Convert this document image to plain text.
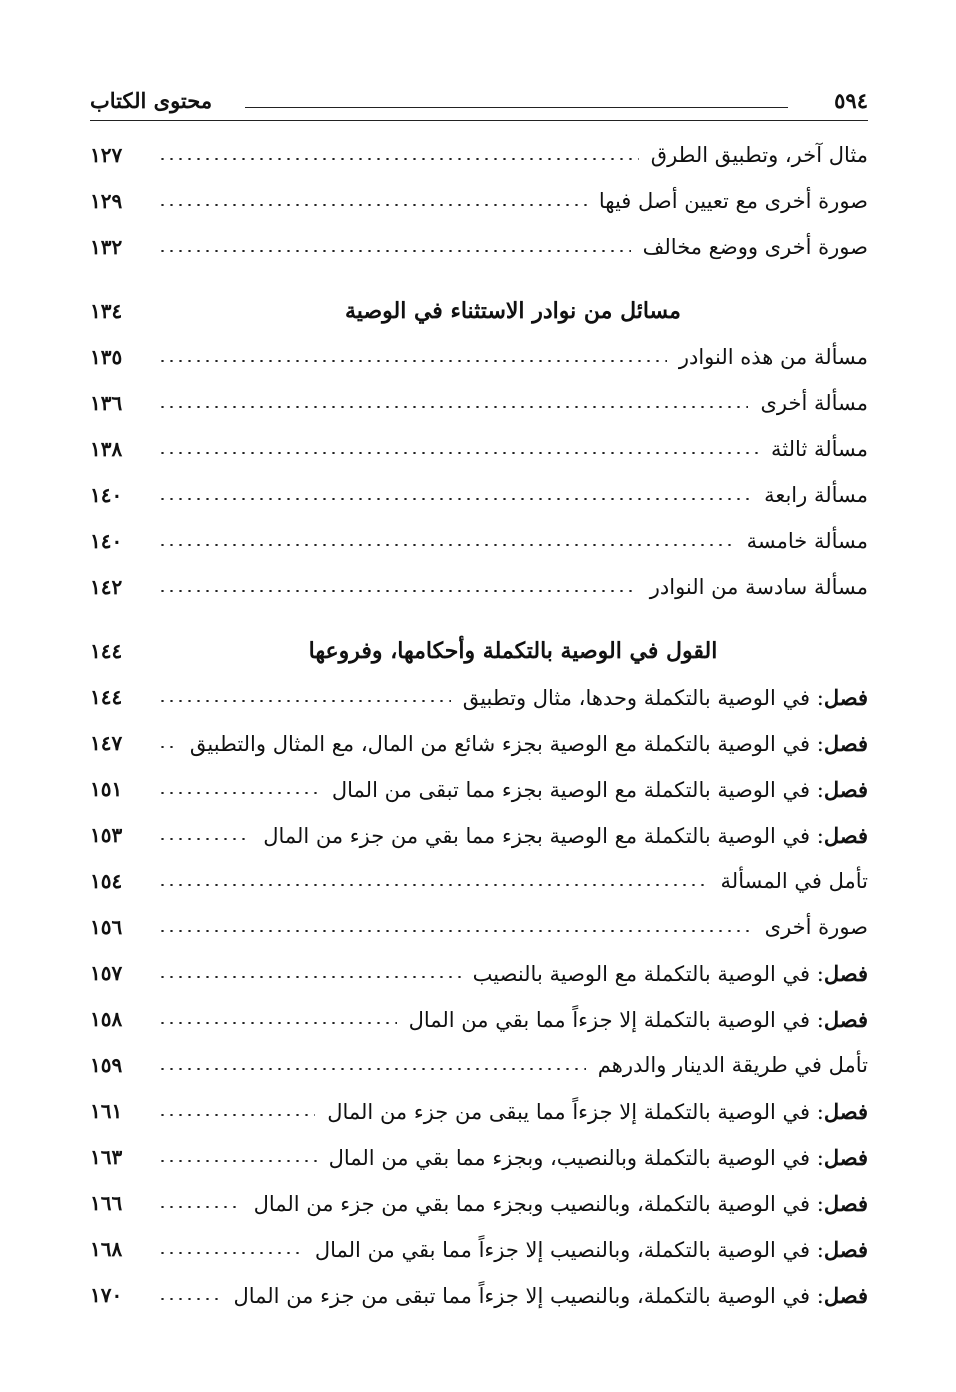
محتوى الكتاب	٥٩٤
مثال آخر، وتطبيق الطرق
١٢٧
صورة أخرى مع تعيين أصل فيها
١٢٩
صورة أخرى ووضع مخالف
١٣٢
مسائل من نوادر الاستثناء في الوصية
١٣٤
مسألة من هذه النوادر
١٣٥
مسألة أخرى
١٣٦
مسألة ثالثة
١٣٨
مسألة رابعة
١٤٠
مسألة خامسة
١٤٠
مسألة سادسة من النوادر
١٤٢
القول في الوصية بالتكملة وأحكامها، وفروعها
١٤٤
فصل: في الوصية بالتكملة وحدها، مثال وتطبيق
١٤٤
فصل: في الوصية بالتكملة مع الوصية بجزء شائع من المال، مع المثال والتطبيق
١٤٧
فصل: في الوصية بالتكملة مع الوصية بجزء مما تبقى من المال
١٥١
فصل: في الوصية بالتكملة مع الوصية بجزء مما بقي من جزء من المال
١٥٣
تأمل في المسألة
١٥٤
صورة أخرى
١٥٦
فصل: في الوصية بالتكملة مع الوصية بالنصيب
١٥٧
فصل: في الوصية بالتكملة إلا جزءاً مما بقي من المال
١٥٨
تأمل في طريقة الدينار والدرهم
١٥٩
فصل: في الوصية بالتكملة إلا جزءاً مما يبقى من جزء من المال
١٦١
فصل: في الوصية بالتكملة وبالنصيب، وبجزء مما بقي من المال
١٦٣
فصل: في الوصية بالتكملة، وبالنصيب وبجزء مما بقي من جزء من المال
١٦٦
فصل: في الوصية بالتكملة، وبالنصيب إلا جزءاً مما بقي من المال
١٦٨
فصل: في الوصية بالتكملة، وبالنصيب إلا جزءاً مما تبقى من جزء من المال
١٧٠
